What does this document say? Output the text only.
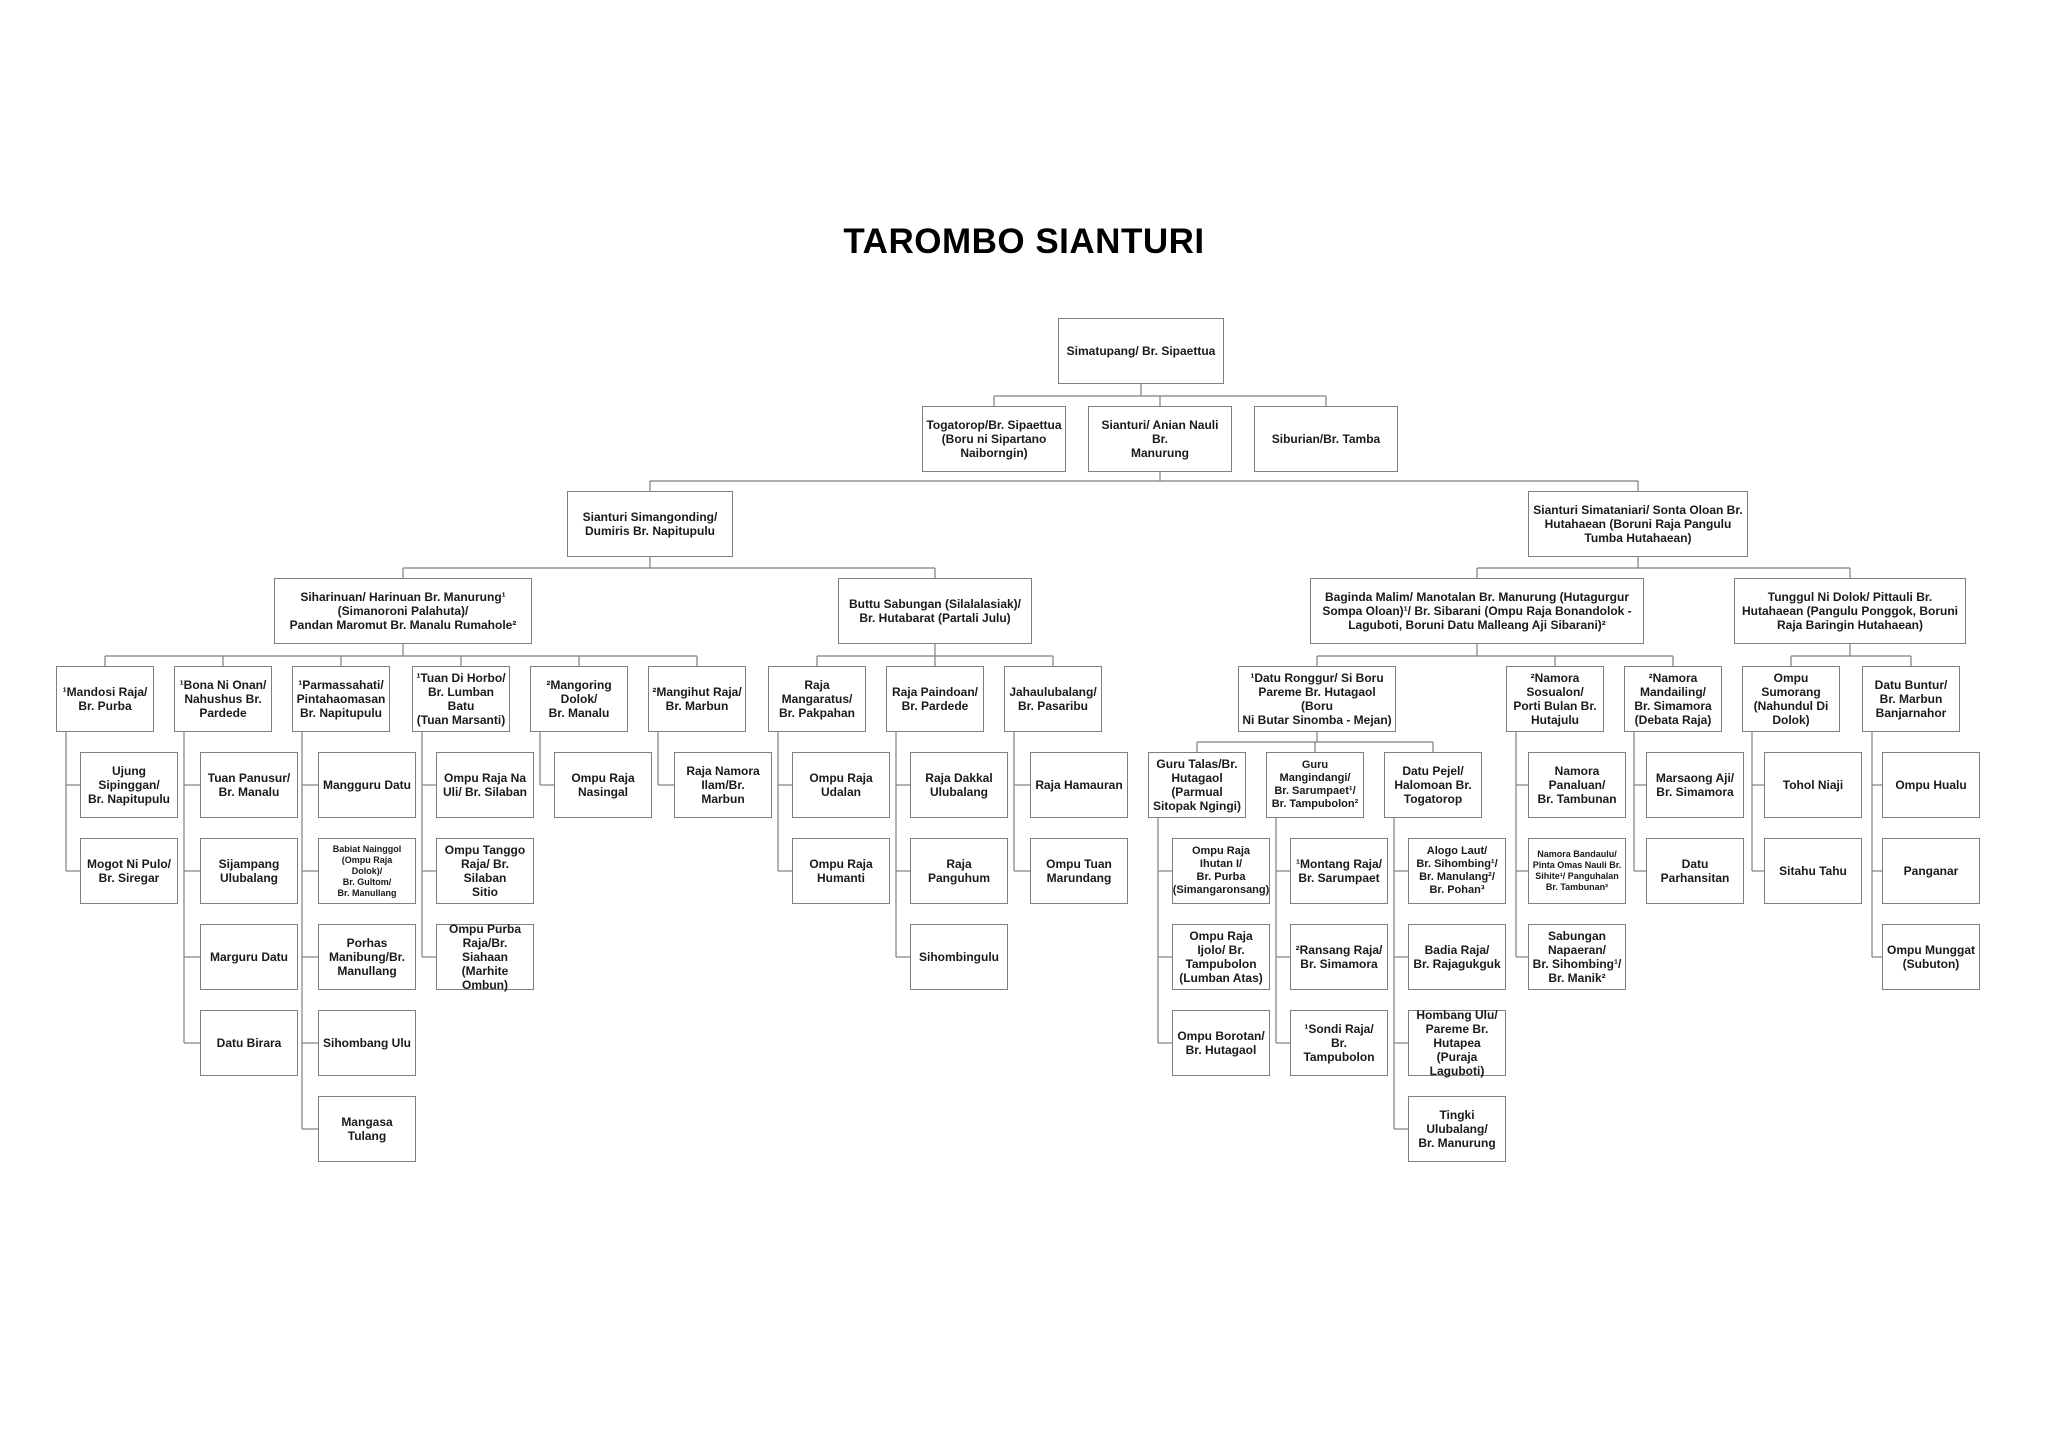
TAROMBO SIANTURI
Simatupang/ Br. Sipaettua
Togatorop/Br. Sipaettua
(Boru ni Sipartano
Naiborngin)
Sianturi/ Anian Nauli Br.
Manurung
Siburian/Br. Tamba
Sianturi Simangonding/
Dumiris Br. Napitupulu
Sianturi Simataniari/ Sonta Oloan Br.
Hutahaean (Boruni Raja Pangulu
Tumba Hutahaean)
Siharinuan/ Harinuan Br. Manurung¹
(Simanoroni Palahuta)/
Pandan Maromut Br. Manalu Rumahole²
Buttu Sabungan (Silalalasiak)/
Br. Hutabarat (Partali Julu)
Baginda Malim/ Manotalan Br. Manurung (Hutagurgur
Sompa Oloan)¹/ Br. Sibarani (Ompu Raja Bonandolok -
Laguboti, Boruni Datu Malleang Aji Sibarani)²
Tunggul Ni Dolok/ Pittauli Br.
Hutahaean (Pangulu Ponggok, Boruni
Raja Baringin Hutahaean)
¹Mandosi Raja/
Br. Purba
¹Bona Ni Onan/
Nahushus Br.
Pardede
¹Parmassahati/
Pintahaomasan
Br. Napitupulu
¹Tuan Di Horbo/
Br. Lumban Batu
(Tuan Marsanti)
²Mangoring
Dolok/
Br. Manalu
²Mangihut Raja/
Br. Marbun
Raja
Mangaratus/
Br. Pakpahan
Raja Paindoan/
Br. Pardede
Jahaulubalang/
Br. Pasaribu
¹Datu Ronggur/ Si Boru
Pareme Br. Hutagaol (Boru
Ni Butar Sinomba - Mejan)
²Namora
Sosualon/
Porti Bulan Br.
Hutajulu
²Namora
Mandailing/
Br. Simamora
(Debata Raja)
Ompu
Sumorang
(Nahundul Di
Dolok)
Datu Buntur/
Br. Marbun
Banjarnahor
Ujung
Sipinggan/
Br. Napitupulu
Mogot Ni Pulo/
Br. Siregar
Tuan Panusur/
Br. Manalu
Sijampang
Ulubalang
Marguru Datu
Datu Birara
Mangguru Datu
Babiat Nainggol
(Ompu Raja
Dolok)/
Br. Gultom/
Br. Manullang
Porhas
Manibung/Br.
Manullang
Sihombang Ulu
Mangasa Tulang
Ompu Raja Na
Uli/ Br. Silaban
Ompu Tanggo
Raja/ Br. Silaban
Sitio
Ompu Purba
Raja/Br. Siahaan
(Marhite
Ombun)
Ompu Raja
Nasingal
Raja Namora
Ilam/Br. Marbun
Ompu Raja
Udalan
Ompu Raja
Humanti
Raja Dakkal
Ulubalang
Raja Panguhum
Sihombingulu
Raja Hamauran
Ompu Tuan
Marundang
Guru Talas/Br.
Hutagaol
(Parmual
Sitopak Ngingi)
Guru
Mangindangi/
Br. Sarumpaet¹/
Br. Tampubolon²
Datu Pejel/
Halomoan Br.
Togatorop
Ompu Raja
Ihutan I/
Br. Purba
(Simangaronsang)
Ompu Raja
Ijolo/ Br.
Tampubolon
(Lumban Atas)
Ompu Borotan/
Br. Hutagaol
¹Montang Raja/
Br. Sarumpaet
²Ransang Raja/
Br. Simamora
¹Sondi Raja/
Br. Tampubolon
Alogo Laut/
Br. Sihombing¹/
Br. Manulang²/
Br. Pohan³
Badia Raja/
Br. Rajagukguk
Hombang Ulu/
Pareme Br.
Hutapea (Puraja
Laguboti)
Tingki
Ulubalang/
Br. Manurung
Namora
Panaluan/
Br. Tambunan
Namora Bandaulu/
Pinta Omas Nauli Br.
Sihite¹/ Panguhalan
Br. Tambunan²
Sabungan
Napaeran/
Br. Sihombing¹/
Br. Manik²
Marsaong Aji/
Br. Simamora
Datu
Parhansitan
Tohol Niaji
Sitahu Tahu
Ompu Hualu
Panganar
Ompu Munggat
(Subuton)
